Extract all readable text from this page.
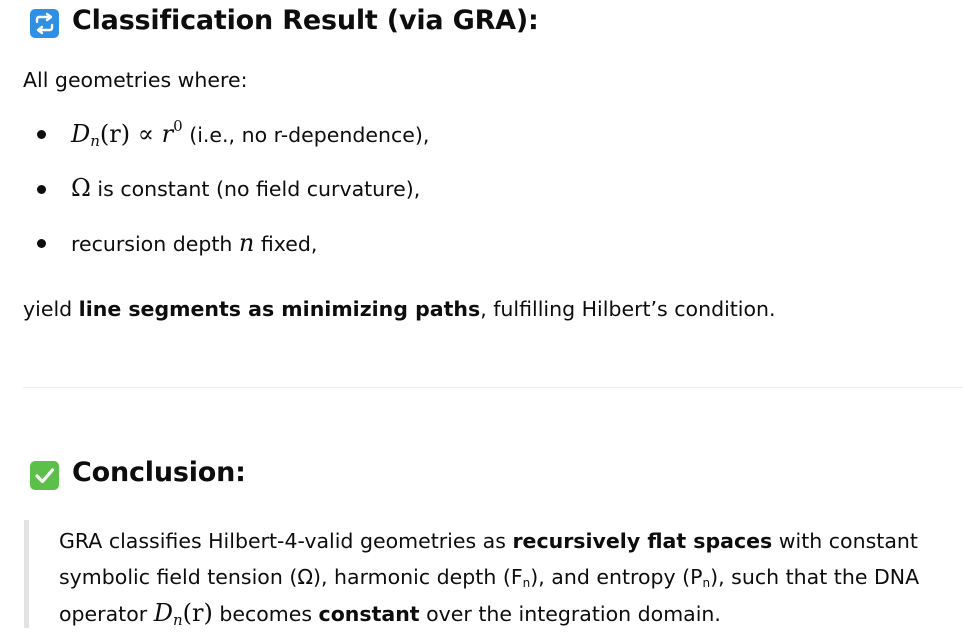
Classification Result (via GRA):
All geometries where:
$D_n(r) \propto r^0$ (i.e., no r-dependence),
Ω is constant (no field curvature),
recursion depth n fixed,
yield line segments as minimizing paths, fulfilling Hilbert’s condition.
Conclusion:
GRA classifies Hilbert-4-valid geometries as recursively flat spaces with constant
symbolic field tension (Ω), harmonic depth (Fn), and entropy (Pn), such that the DNA
operator $D_n(r)$ becomes constant over the integration domain.
